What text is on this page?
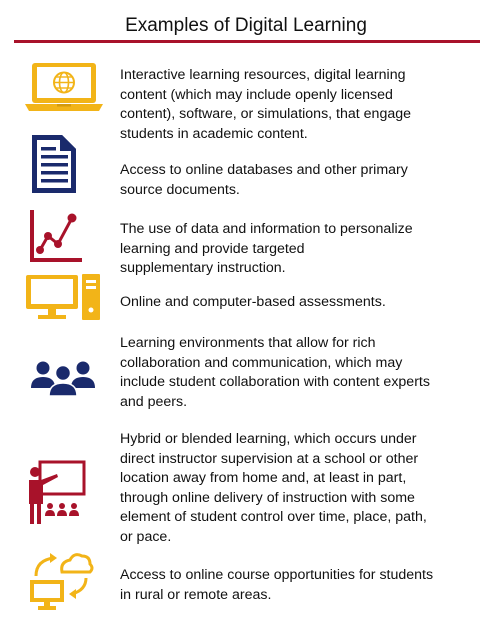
Examples of Digital Learning
Interactive learning resources, digital learning
content (which may include openly licensed
content), software, or simulations, that engage
students in academic content.
Access to online databases and other primary
source documents.
The use of data and information to personalize
learning and provide targeted
supplementary instruction.
Online and computer-based assessments.
Learning environments that allow for rich
collaboration and communication, which may
include student collaboration with content experts
and peers.
Hybrid or blended learning, which occurs under
direct instructor supervision at a school or other
location away from home and, at least in part,
through online delivery of instruction with some
element of student control over time, place, path,
or pace.
Access to online course opportunities for students
in rural or remote areas.
